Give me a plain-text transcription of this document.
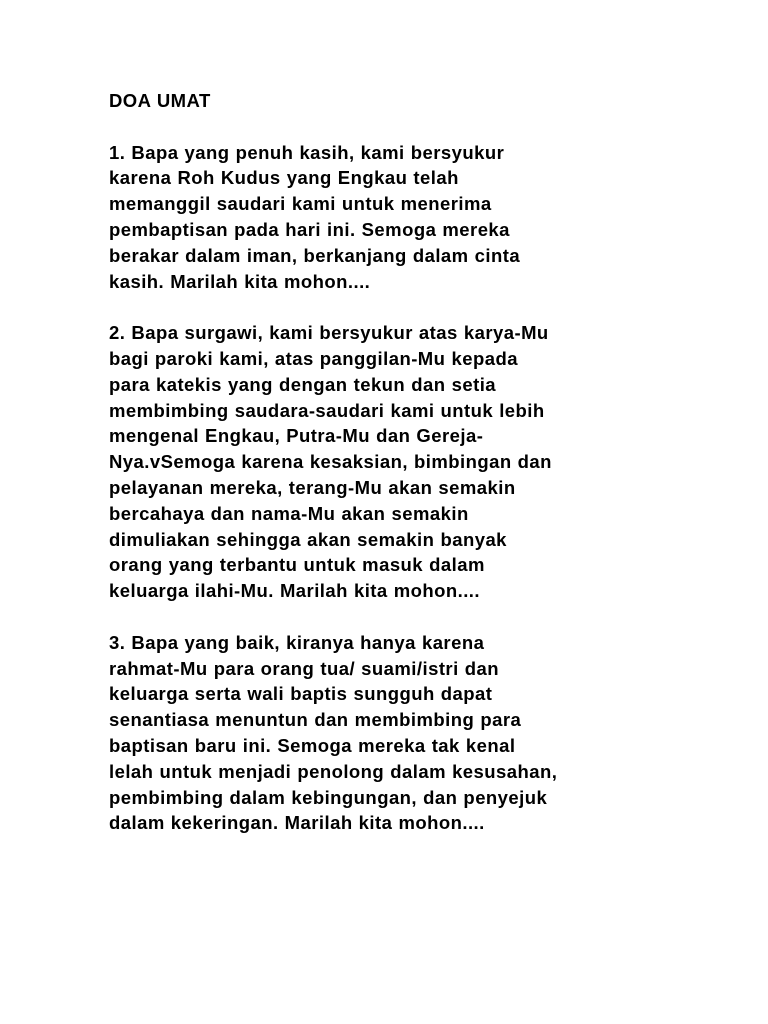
DOA UMAT

1. Bapa yang penuh kasih, kami bersyukur
karena Roh Kudus yang Engkau telah
memanggil saudari kami untuk menerima
pembaptisan pada hari ini. Semoga mereka
berakar dalam iman, berkanjang dalam cinta
kasih. Marilah kita mohon....

2. Bapa surgawi, kami bersyukur atas karya-Mu
bagi paroki kami, atas panggilan-Mu kepada
para katekis yang dengan tekun dan setia
membimbing saudara-saudari kami untuk lebih
mengenal Engkau, Putra-Mu dan Gereja-
Nya.vSemoga karena kesaksian, bimbingan dan
pelayanan mereka, terang-Mu akan semakin
bercahaya dan nama-Mu akan semakin
dimuliakan sehingga akan semakin banyak
orang yang terbantu untuk masuk dalam
keluarga ilahi-Mu. Marilah kita mohon....

3. Bapa yang baik, kiranya hanya karena
rahmat-Mu para orang tua/ suami/istri dan
keluarga serta wali baptis sungguh dapat
senantiasa menuntun dan membimbing para
baptisan baru ini. Semoga mereka tak kenal
lelah untuk menjadi penolong dalam kesusahan,
pembimbing dalam kebingungan, dan penyejuk
dalam kekeringan. Marilah kita mohon....
